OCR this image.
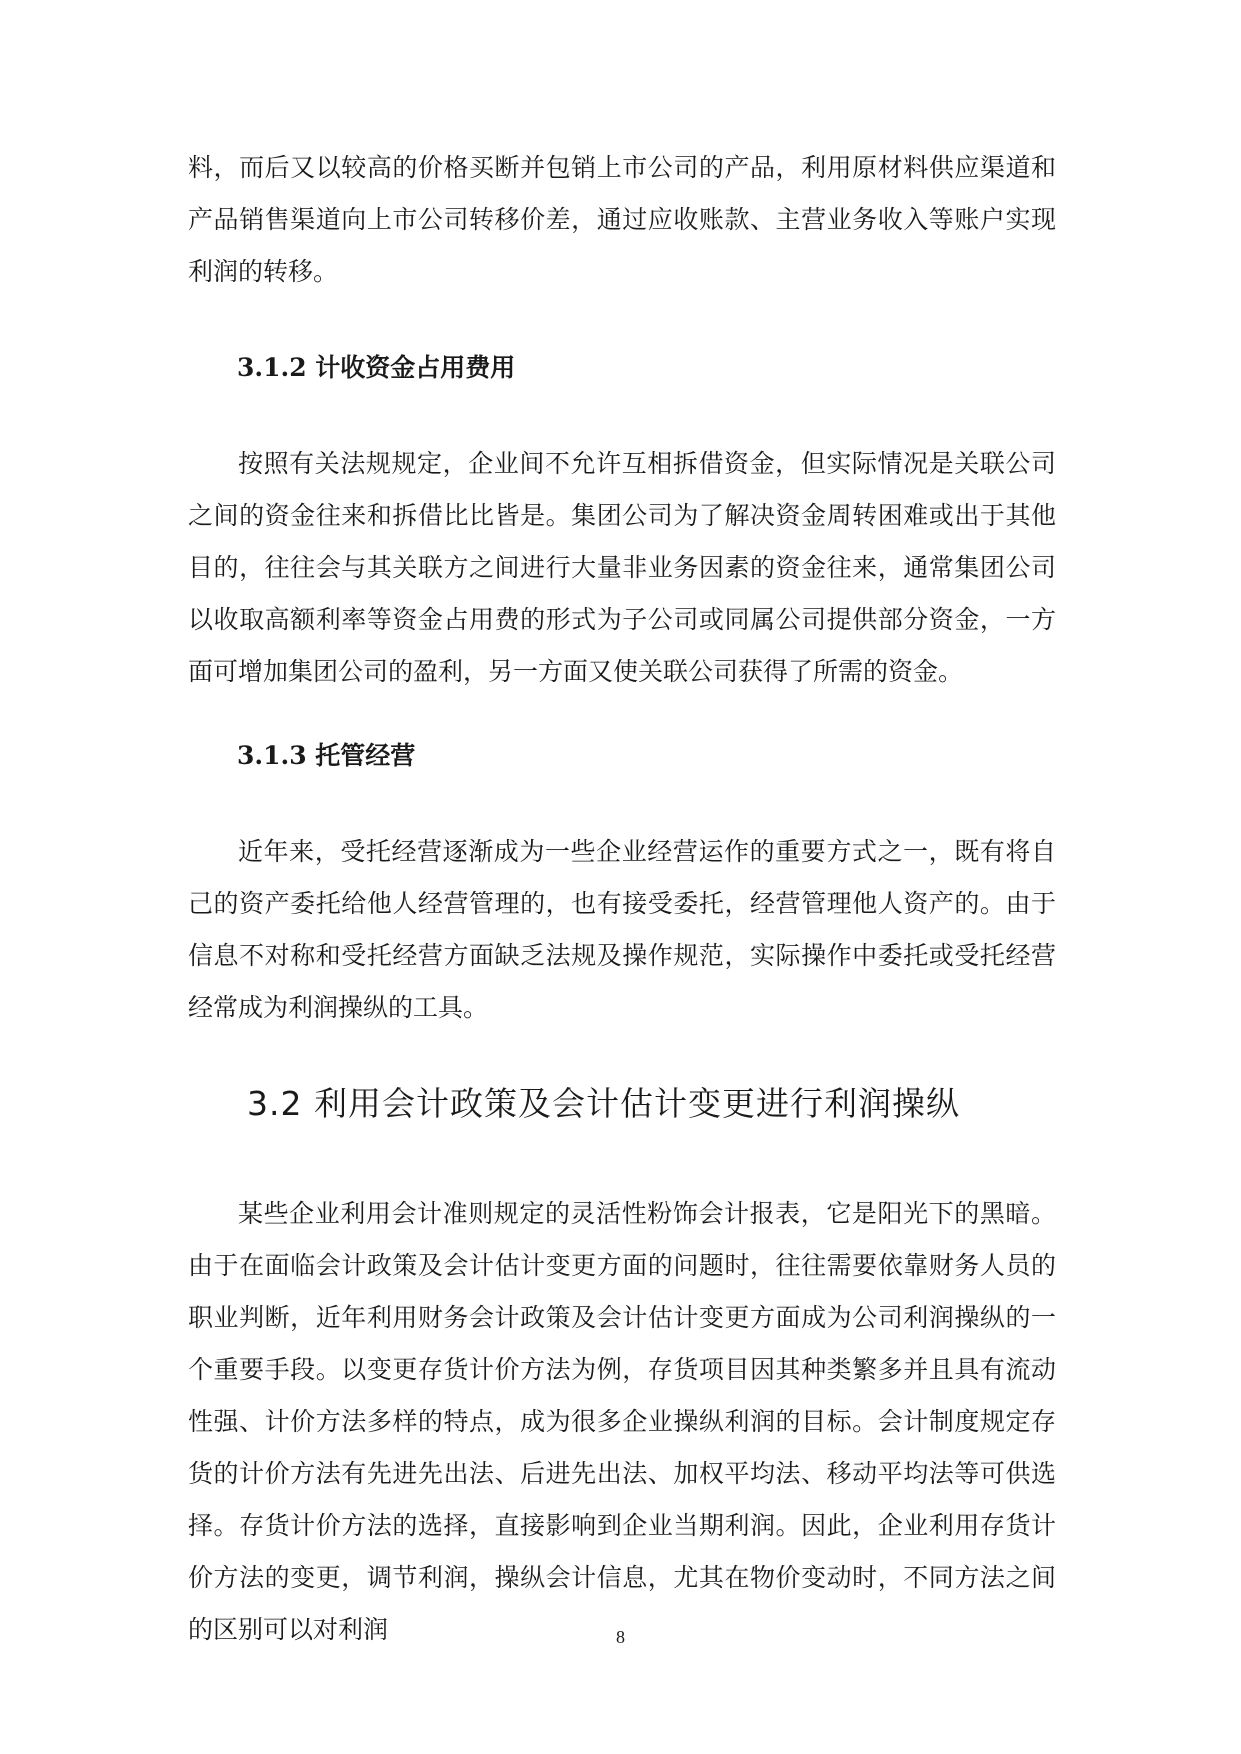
料，而后又以较高的价格买断并包销上市公司的产品，利用原材料供应渠道和产品销售渠道向上市公司转移价差，通过应收账款、主营业务收入等账户实现利润的转移。

3.1.2 计收资金占用费用

按照有关法规规定，企业间不允许互相拆借资金，但实际情况是关联公司之间的资金往来和拆借比比皆是。集团公司为了解决资金周转困难或出于其他目的，往往会与其关联方之间进行大量非业务因素的资金往来，通常集团公司以收取高额利率等资金占用费的形式为子公司或同属公司提供部分资金，一方面可增加集团公司的盈利，另一方面又使关联公司获得了所需的资金。

3.1.3 托管经营

近年来，受托经营逐渐成为一些企业经营运作的重要方式之一，既有将自己的资产委托给他人经营管理的，也有接受委托，经营管理他人资产的。由于信息不对称和受托经营方面缺乏法规及操作规范，实际操作中委托或受托经营经常成为利润操纵的工具。

3.2 利用会计政策及会计估计变更进行利润操纵

某些企业利用会计准则规定的灵活性粉饰会计报表，它是阳光下的黑暗。由于在面临会计政策及会计估计变更方面的问题时，往往需要依靠财务人员的职业判断，近年利用财务会计政策及会计估计变更方面成为公司利润操纵的一个重要手段。以变更存货计价方法为例，存货项目因其种类繁多并且具有流动性强、计价方法多样的特点，成为很多企业操纵利润的目标。会计制度规定存货的计价方法有先进先出法、后进先出法、加权平均法、移动平均法等可供选择。存货计价方法的选择，直接影响到企业当期利润。因此，企业利用存货计价方法的变更，调节利润，操纵会计信息，尤其在物价变动时，不同方法之间的区别可以对利润	8
